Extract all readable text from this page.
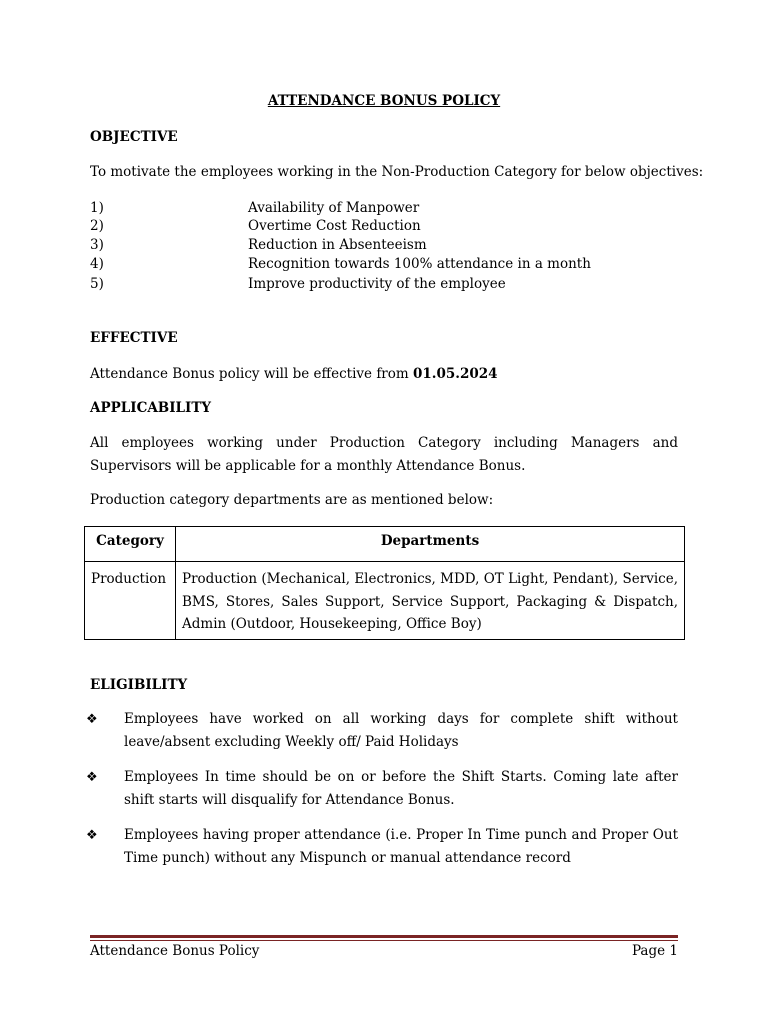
ATTENDANCE BONUS POLICY
OBJECTIVE
To motivate the employees working in the Non-Production Category for below objectives:
1)	Availability of Manpower
2)	Overtime Cost Reduction
3)	Reduction in Absenteeism
4)	Recognition towards 100% attendance in a month
5)	Improve productivity of the employee
EFFECTIVE
Attendance Bonus policy will be effective from 01.05.2024
APPLICABILITY
All employees working under Production Category including Managers and Supervisors will be applicable for a monthly Attendance Bonus.
Production category departments are as mentioned below:
Category	Departments
Production	Production (Mechanical, Electronics, MDD, OT Light, Pendant), Service, BMS, Stores, Sales Support, Service Support, Packaging & Dispatch, Admin (Outdoor, Housekeeping, Office Boy)
ELIGIBILITY
❖ Employees have worked on all working days for complete shift without leave/absent excluding Weekly off/ Paid Holidays
❖ Employees In time should be on or before the Shift Starts. Coming late after shift starts will disqualify for Attendance Bonus.
❖ Employees having proper attendance (i.e. Proper In Time punch and Proper Out Time punch) without any Mispunch or manual attendance record
Attendance Bonus Policy	Page 1
